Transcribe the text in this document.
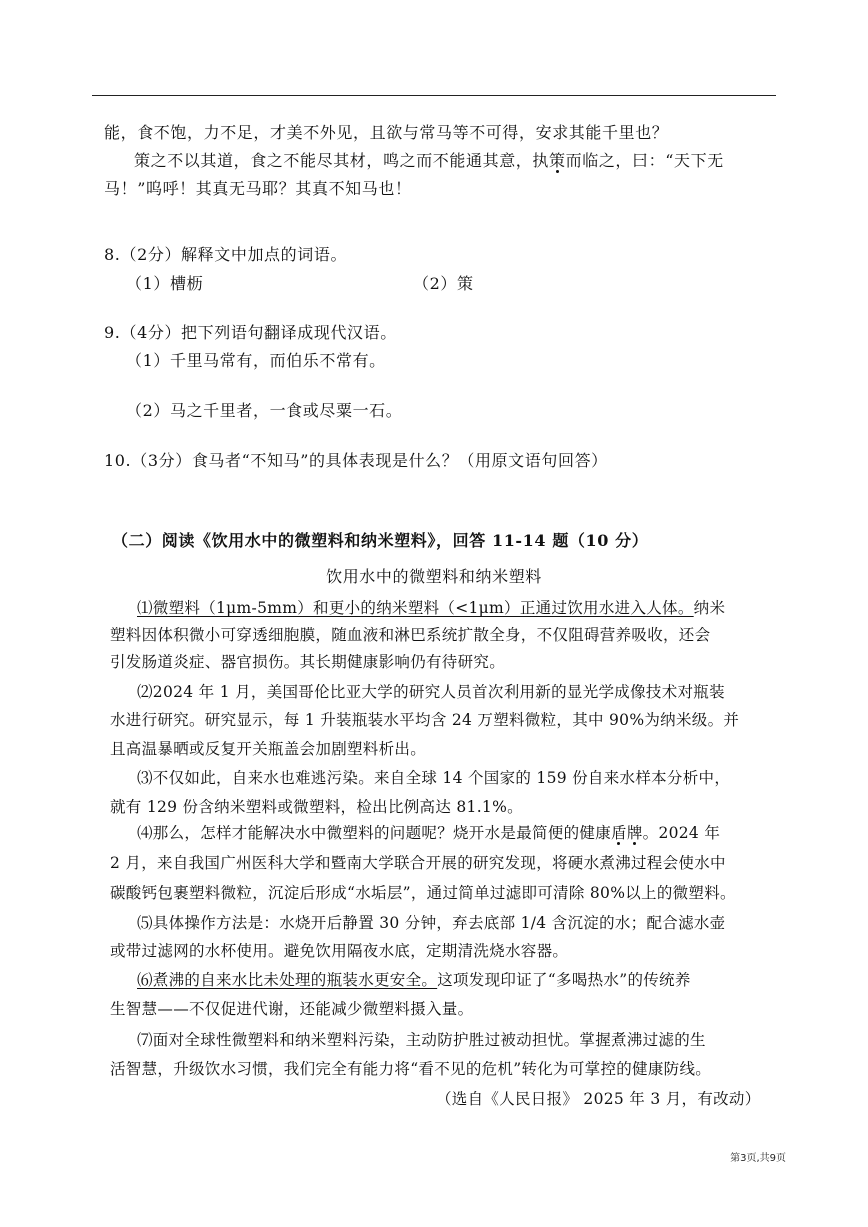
能，食不饱，力不足，才美不外见，且欲与常马等不可得，安求其能千里也？
策之不以其道，食之不能尽其材，鸣之而不能通其意，执策而临之，曰：“天下无
马！”呜呼！其真无马耶？其真不知马也！
8.（2分）解释文中加点的词语。
（1）槽枥	（2）策
9.（4分）把下列语句翻译成现代汉语。
（1）千里马常有，而伯乐不常有。
（2）马之千里者，一食或尽粟一石。
10.（3分）食马者“不知马”的具体表现是什么？（用原文语句回答）
（二）阅读《饮用水中的微塑料和纳米塑料》，回答 11-14 题（10 分）
饮用水中的微塑料和纳米塑料
⑴微塑料（1μm-5mm）和更小的纳米塑料（<1μm）正通过饮用水进入人体。纳米
塑料因体积微小可穿透细胞膜，随血液和淋巴系统扩散全身，不仅阻碍营养吸收，还会
引发肠道炎症、器官损伤。其长期健康影响仍有待研究。
⑵2024 年 1 月，美国哥伦比亚大学的研究人员首次利用新的显光学成像技术对瓶装
水进行研究。研究显示，每 1 升装瓶装水平均含 24 万塑料微粒，其中 90%为纳米级。并
且高温暴晒或反复开关瓶盖会加剧塑料析出。
⑶不仅如此，自来水也难逃污染。来自全球 14 个国家的 159 份自来水样本分析中，
就有 129 份含纳米塑料或微塑料，检出比例高达 81.1%。
⑷那么，怎样才能解决水中微塑料的问题呢？烧开水是最简便的健康盾牌。2024 年
2 月，来自我国广州医科大学和暨南大学联合开展的研究发现，将硬水煮沸过程会使水中
碳酸钙包裹塑料微粒，沉淀后形成“水垢层”，通过简单过滤即可清除 80%以上的微塑料。
⑸具体操作方法是：水烧开后静置 30 分钟，弃去底部 1/4 含沉淀的水；配合滤水壶
或带过滤网的水杯使用。避免饮用隔夜水底，定期清洗烧水容器。
⑹煮沸的自来水比未处理的瓶装水更安全。这项发现印证了“多喝热水”的传统养
生智慧——不仅促进代谢，还能减少微塑料摄入量。
⑺面对全球性微塑料和纳米塑料污染，主动防护胜过被动担忧。掌握煮沸过滤的生
活智慧，升级饮水习惯，我们完全有能力将“看不见的危机”转化为可掌控的健康防线。
（选自《人民日报》 2025 年 3 月，有改动）
第3页,共9页
